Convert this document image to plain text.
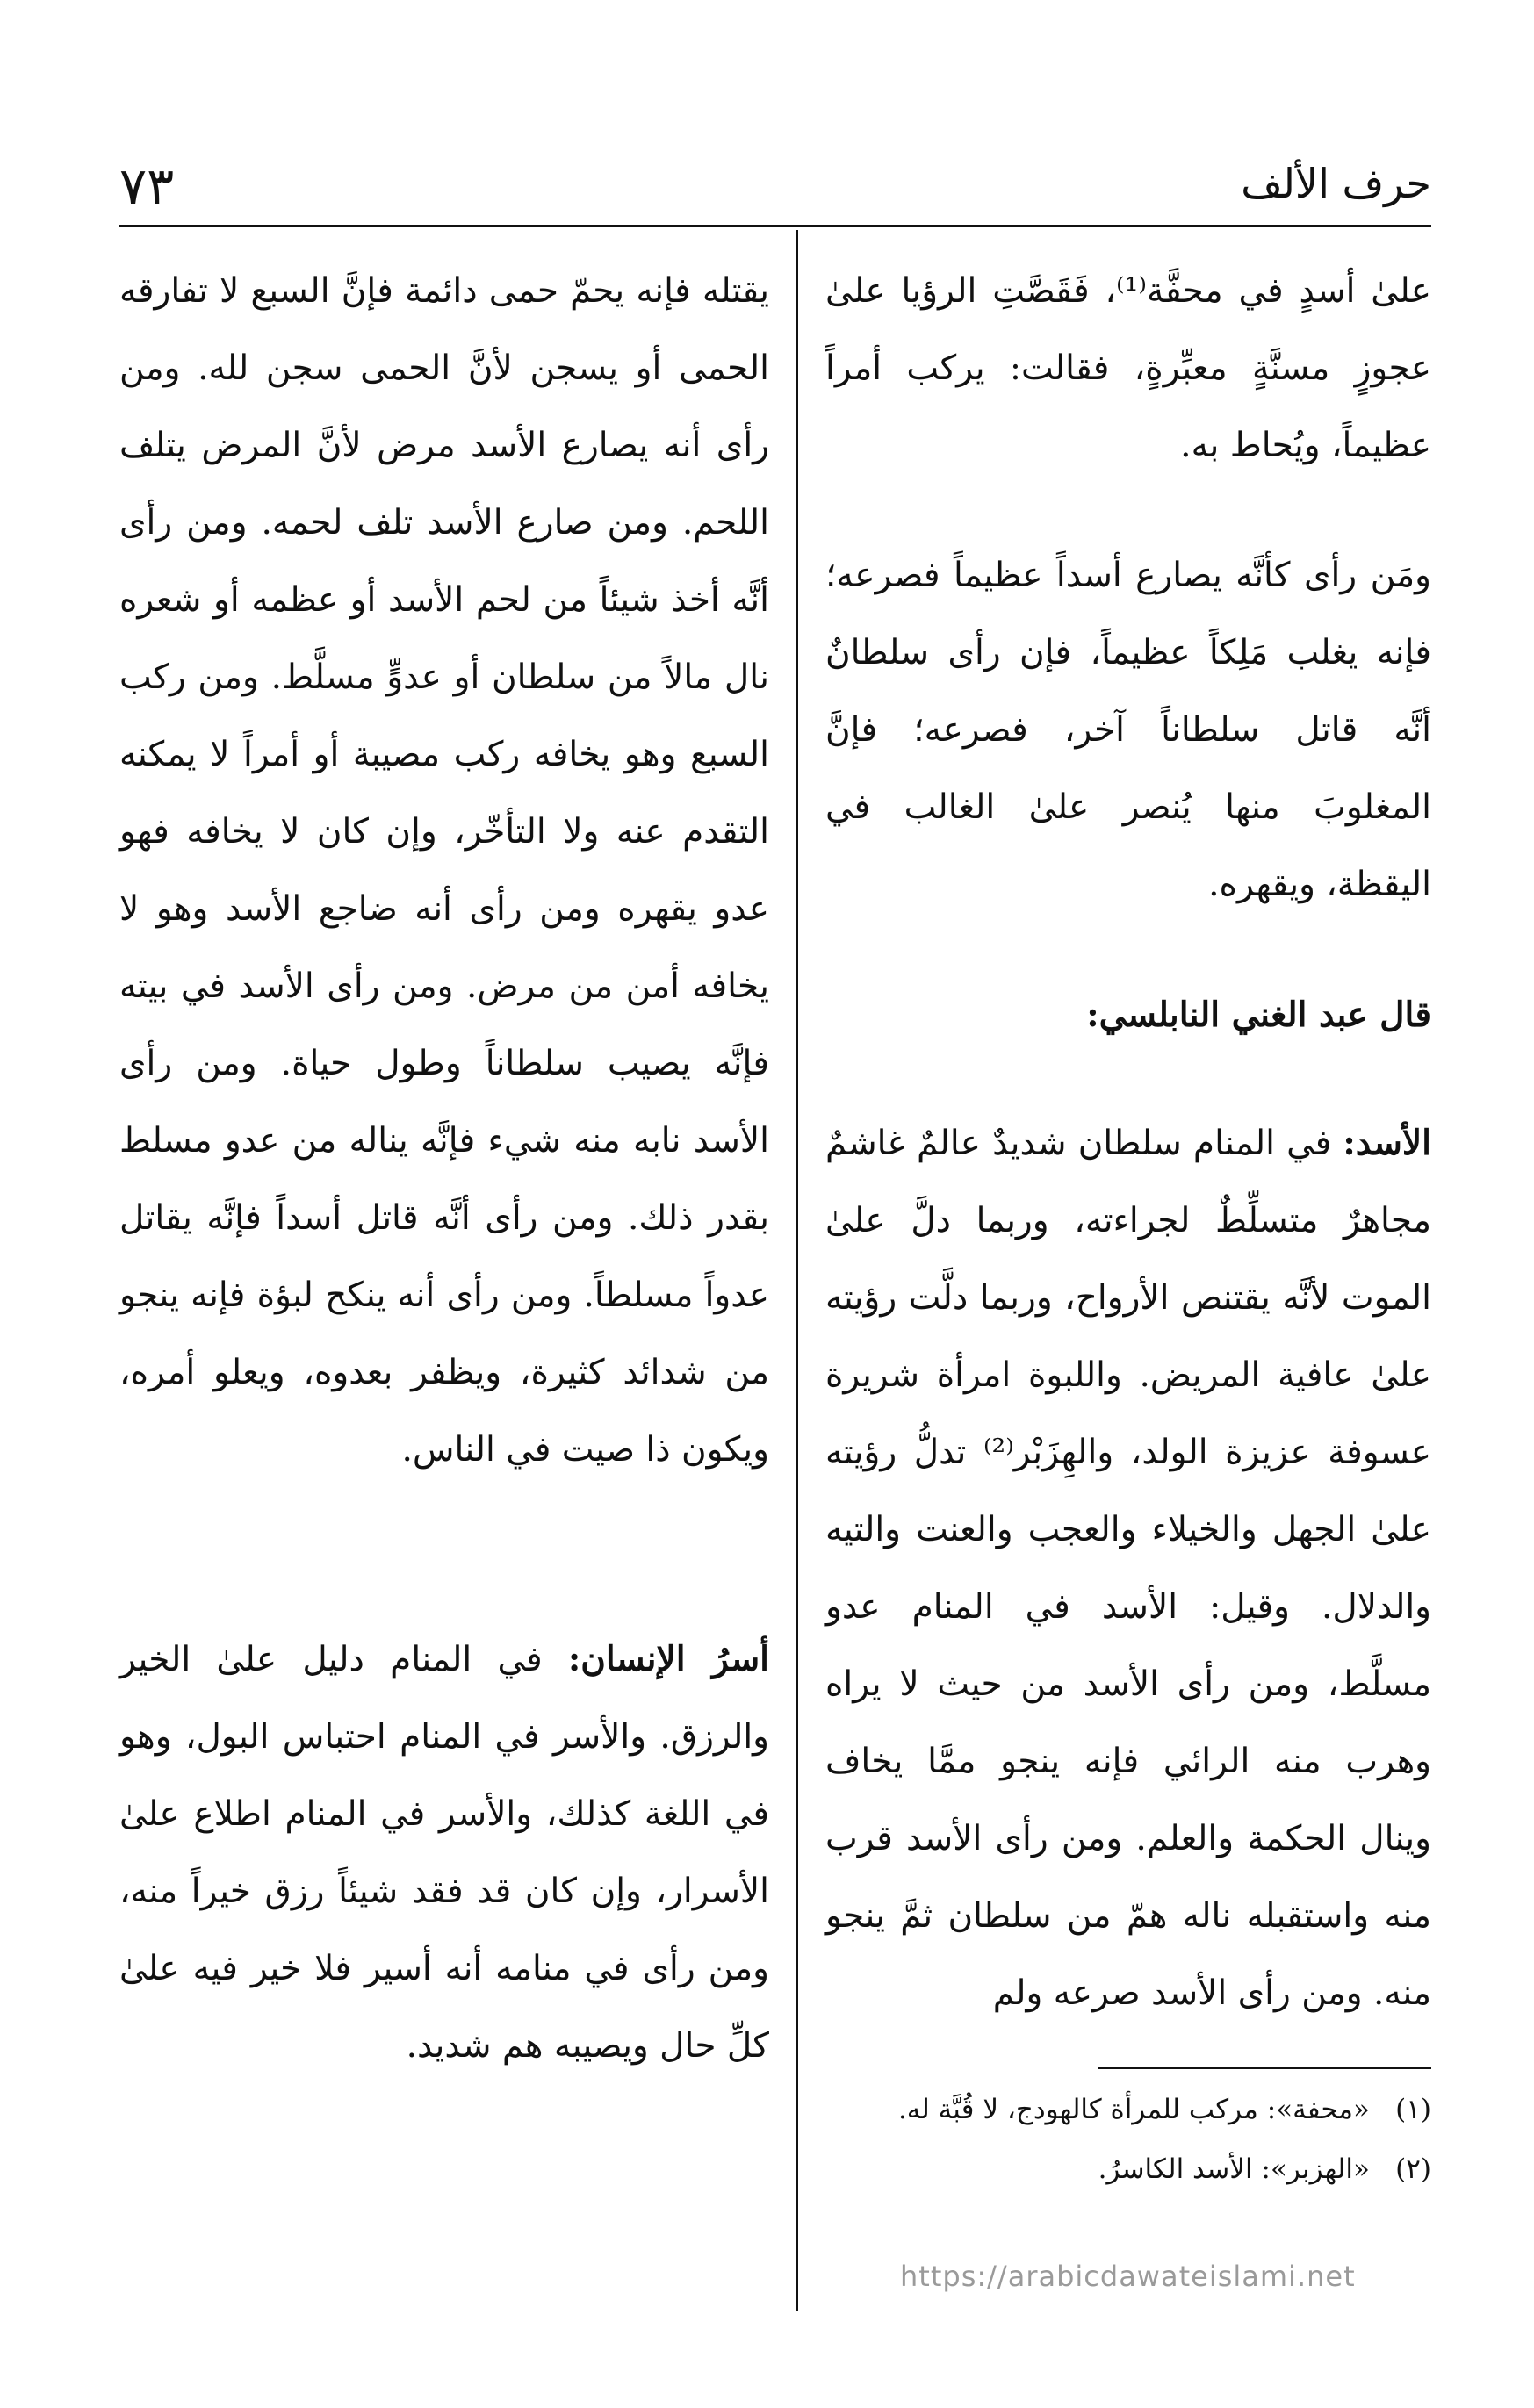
٧٣	حرف الألف

علىٰ أسدٍ في محفَّة⁽¹⁾، فَقَصَّتِ الرؤيا علىٰ عجوزٍ مسنَّةٍ معبِّرةٍ، فقالت: يركب أمراً عظيماً، ويُحاط به.

ومَن رأى كأنَّه يصارع أسداً عظيماً فصرعه؛ فإنه يغلب مَلِكاً عظيماً، فإن رأى سلطانٌ أنَّه قاتل سلطاناً آخر، فصرعه؛ فإنَّ المغلوبَ منها يُنصر علىٰ الغالب في اليقظة، ويقهره.

قال عبد الغني النابلسي:

الأسد: في المنام سلطان شديدٌ عالمٌ غاشمٌ مجاهرٌ متسلِّطٌ لجراءته، وربما دلَّ علىٰ الموت لأنَّه يقتنص الأرواح، وربما دلَّت رؤيته علىٰ عافية المريض. واللبوة امرأة شريرة عسوفة عزيزة الولد، والهِزَبْر⁽²⁾ تدلُّ رؤيته علىٰ الجهل والخيلاء والعجب والعنت والتيه والدلال. وقيل: الأسد في المنام عدو مسلَّط، ومن رأى الأسد من حيث لا يراه وهرب منه الرائي فإنه ينجو ممَّا يخاف وينال الحكمة والعلم. ومن رأى الأسد قرب منه واستقبله ناله همّ من سلطان ثمَّ ينجو منه. ومن رأى الأسد صرعه ولم

يقتله فإنه يحمّ حمى دائمة فإنَّ السبع لا تفارقه الحمى أو يسجن لأنَّ الحمى سجن لله. ومن رأى أنه يصارع الأسد مرض لأنَّ المرض يتلف اللحم. ومن صارع الأسد تلف لحمه. ومن رأى أنَّه أخذ شيئاً من لحم الأسد أو عظمه أو شعره نال مالاً من سلطان أو عدوٍّ مسلَّط. ومن ركب السبع وهو يخافه ركب مصيبة أو أمراً لا يمكنه التقدم عنه ولا التأخّر، وإن كان لا يخافه فهو عدو يقهره ومن رأى أنه ضاجع الأسد وهو لا يخافه أمن من مرض. ومن رأى الأسد في بيته فإنَّه يصيب سلطاناً وطول حياة. ومن رأى الأسد نابه منه شيء فإنَّه يناله من عدو مسلط بقدر ذلك. ومن رأى أنَّه قاتل أسداً فإنَّه يقاتل عدواً مسلطاً. ومن رأى أنه ينكح لبؤة فإنه ينجو من شدائد كثيرة، ويظفر بعدوه، ويعلو أمره، ويكون ذا صيت في الناس.

أسرُ الإنسان: في المنام دليل علىٰ الخير والرزق. والأسر في المنام احتباس البول، وهو في اللغة كذلك، والأسر في المنام اطلاع علىٰ الأسرار، وإن كان قد فقد شيئاً رزق خيراً منه، ومن رأى في منامه أنه أسير فلا خير فيه علىٰ كلِّ حال ويصيبه هم شديد.

(١)«محفة»: مركب للمرأة كالهودج، لا قُبَّة له.
(٢)«الهزبر»: الأسد الكاسرُ.
https://arabicdawateislami.net
